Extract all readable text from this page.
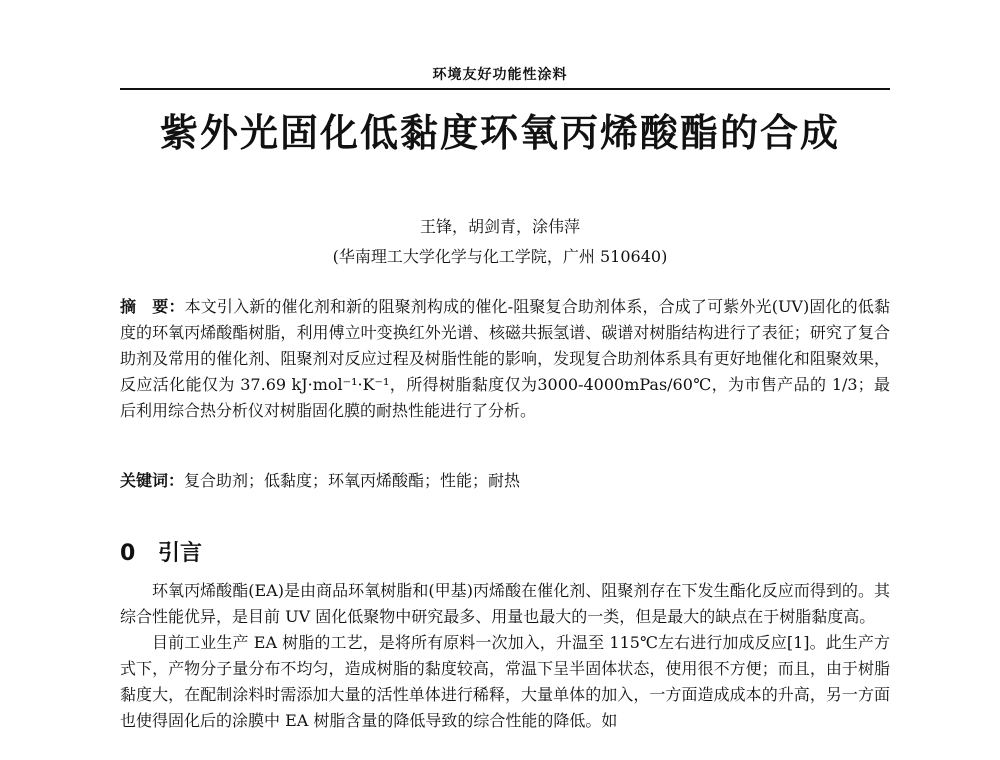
环境友好功能性涂料
紫外光固化低黏度环氧丙烯酸酯的合成
王锋，胡剑青，涂伟萍
(华南理工大学化学与化工学院，广州 510640)
摘　要：本文引入新的催化剂和新的阻聚剂构成的催化-阻聚复合助剂体系，合成了可紫外光(UV)固化的低黏度的环氧丙烯酸酯树脂，利用傅立叶变换红外光谱、核磁共振氢谱、碳谱对树脂结构进行了表征；研究了复合助剂及常用的催化剂、阻聚剂对反应过程及树脂性能的影响，发现复合助剂体系具有更好地催化和阻聚效果，反应活化能仅为 37.69 kJ·mol⁻¹·K⁻¹，所得树脂黏度仅为3000-4000mPas/60℃，为市售产品的 1/3；最后利用综合热分析仪对树脂固化膜的耐热性能进行了分析。
关键词：复合助剂；低黏度；环氧丙烯酸酯；性能；耐热
0 引言

环氧丙烯酸酯(EA)是由商品环氧树脂和(甲基)丙烯酸在催化剂、阻聚剂存在下发生酯化反应而得到的。其综合性能优异，是目前 UV 固化低聚物中研究最多、用量也最大的一类，但是最大的缺点在于树脂黏度高。

目前工业生产 EA 树脂的工艺，是将所有原料一次加入，升温至 115℃左右进行加成反应[1]。此生产方式下，产物分子量分布不均匀，造成树脂的黏度较高，常温下呈半固体状态，使用很不方便；而且，由于树脂黏度大，在配制涂料时需添加大量的活性单体进行稀释，大量单体的加入，一方面造成成本的升高，另一方面也使得固化后的涂膜中 EA 树脂含量的降低导致的综合性能的降低。如
